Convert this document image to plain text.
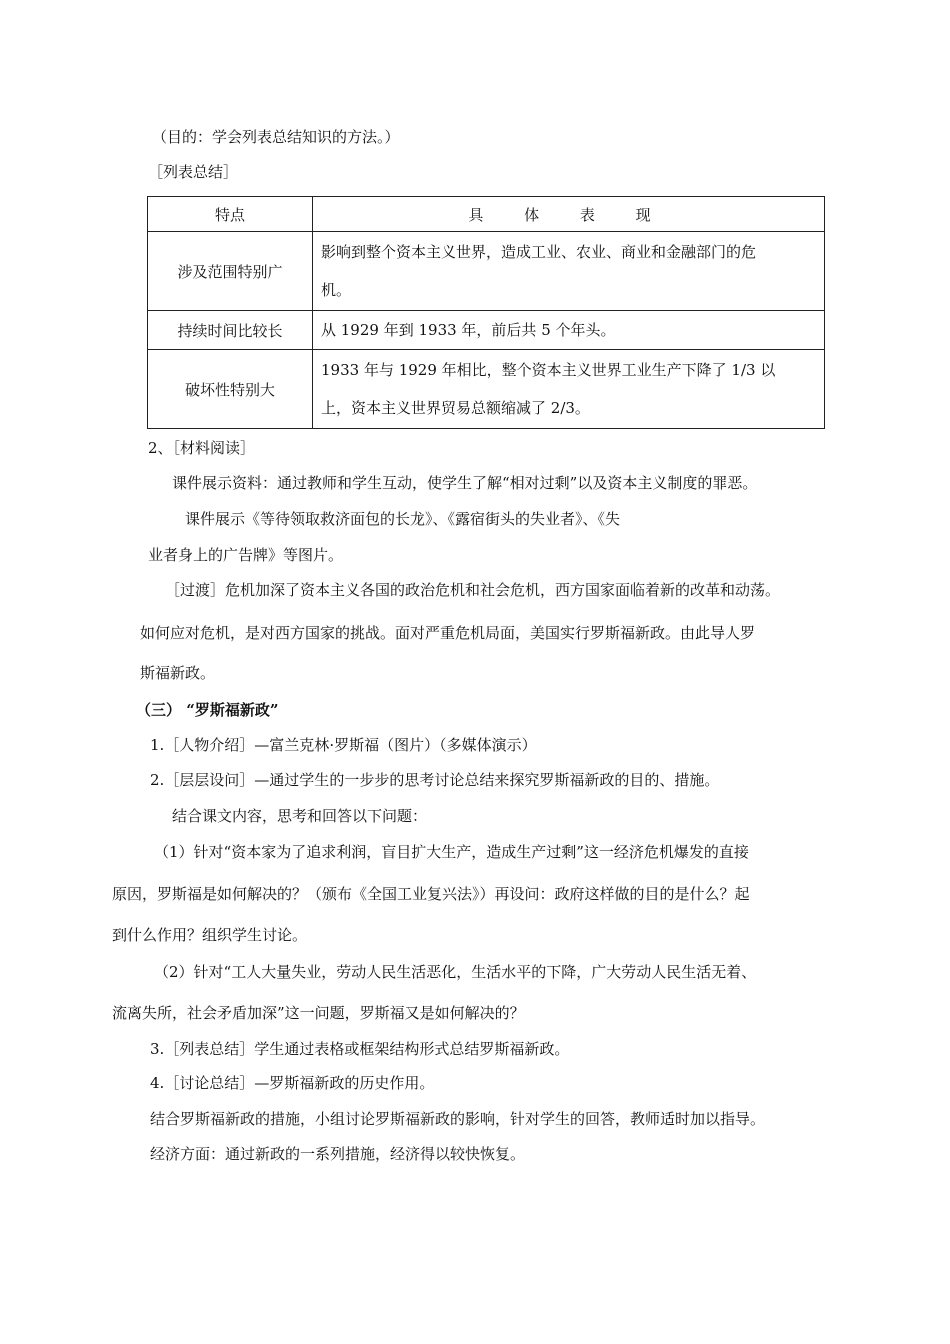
（目的：学会列表总结知识的方法。）
［列表总结］
特点	具 体 表 现
涉及范围特别广	影响到整个资本主义世界，造成工业、农业、商业和金融部门的危
机。

持续时间比较长	从 1929 年到 1933 年，前后共 5 个年头。

破坏性特别大	1933 年与 1929 年相比，整个资本主义世界工业生产下降了 1/3 以
上，资本主义世界贸易总额缩减了 2/3。
2、［材料阅读］
课件展示资料：通过教师和学生互动，使学生了解“相对过剩”以及资本主义制度的罪恶。
课件展示《等待领取救济面包的长龙》、《露宿街头的失业者》、《失
业者身上的广告牌》等图片。
［过渡］危机加深了资本主义各国的政治危机和社会危机，西方国家面临着新的改革和动荡。
如何应对危机，是对西方国家的挑战。面对严重危机局面，美国实行罗斯福新政。由此导人罗
斯福新政。
（三） “罗斯福新政”
1.［人物介绍］—富兰克林·罗斯福（图片）（多媒体演示）
2.［层层设问］—通过学生的一步步的思考讨论总结来探究罗斯福新政的目的、措施。
结合课文内容，思考和回答以下问题：
（1）针对“资本家为了追求利润，盲目扩大生产，造成生产过剩”这一经济危机爆发的直接
原因，罗斯福是如何解决的？（颁布《全国工业复兴法》）再设问：政府这样做的目的是什么？起
到什么作用？组织学生讨论。
（2）针对“工人大量失业，劳动人民生活恶化，生活水平的下降，广大劳动人民生活无着、
流离失所，社会矛盾加深”这一问题，罗斯福又是如何解决的？
3.［列表总结］学生通过表格或框架结构形式总结罗斯福新政。
4.［讨论总结］—罗斯福新政的历史作用。
结合罗斯福新政的措施，小组讨论罗斯福新政的影响，针对学生的回答，教师适时加以指导。
经济方面：通过新政的一系列措施，经济得以较快恢复。
